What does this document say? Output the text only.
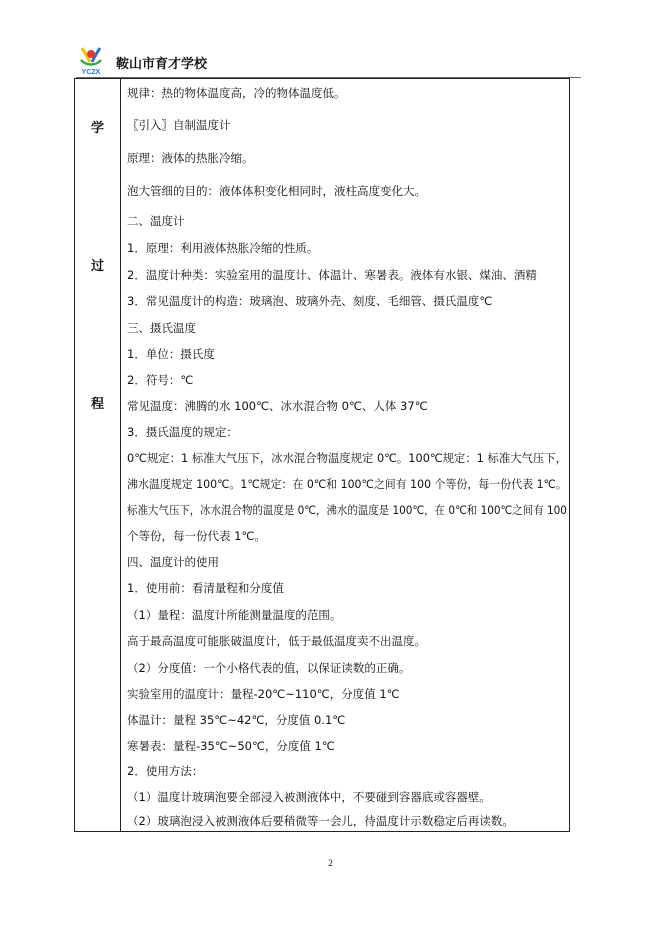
YCZX
鞍山市育才学校
学
过
程
规律：热的物体温度高，冷的物体温度低。
〖引入〗自制温度计
原理：液体的热胀冷缩。
泡大管细的目的：液体体积变化相同时，液柱高度变化大。
二、温度计
1．原理：利用液体热胀冷缩的性质。
2．温度计种类：实验室用的温度计、体温计、寒暑表。液体有水银、煤油、酒精
3．常见温度计的构造：玻璃泡、玻璃外壳、刻度、毛细管、摄氏温度℃
三、摄氏温度
1．单位：摄氏度
2．符号：℃
常见温度：沸腾的水 100℃、冰水混合物 0℃、人体 37℃
3．摄氏温度的规定：
0℃规定：1 标准大气压下，冰水混合物温度规定 0℃。100℃规定：1 标准大气压下，
沸水温度规定 100℃。1℃规定：在 0℃和 100℃之间有 100 个等份，每一份代表 1℃。
标准大气压下，冰水混合物的温度是 0℃，沸水的温度是 100℃，在 0℃和 100℃之间有 100
个等份，每一份代表 1℃。
四、温度计的使用
1．使用前：看清量程和分度值
（1）量程：温度计所能测量温度的范围。
高于最高温度可能胀破温度计，低于最低温度卖不出温度。
（2）分度值：一个小格代表的值，以保证读数的正确。
实验室用的温度计：量程-20℃~110℃，分度值 1℃
体温计：量程 35℃~42℃，分度值 0.1℃
寒暑表：量程-35℃~50℃，分度值 1℃
2．使用方法：
（1）温度计玻璃泡要全部浸入被测液体中，不要碰到容器底或容器壁。
（2）玻璃泡浸入被测液体后要稍微等一会儿，待温度计示数稳定后再读数。
2
